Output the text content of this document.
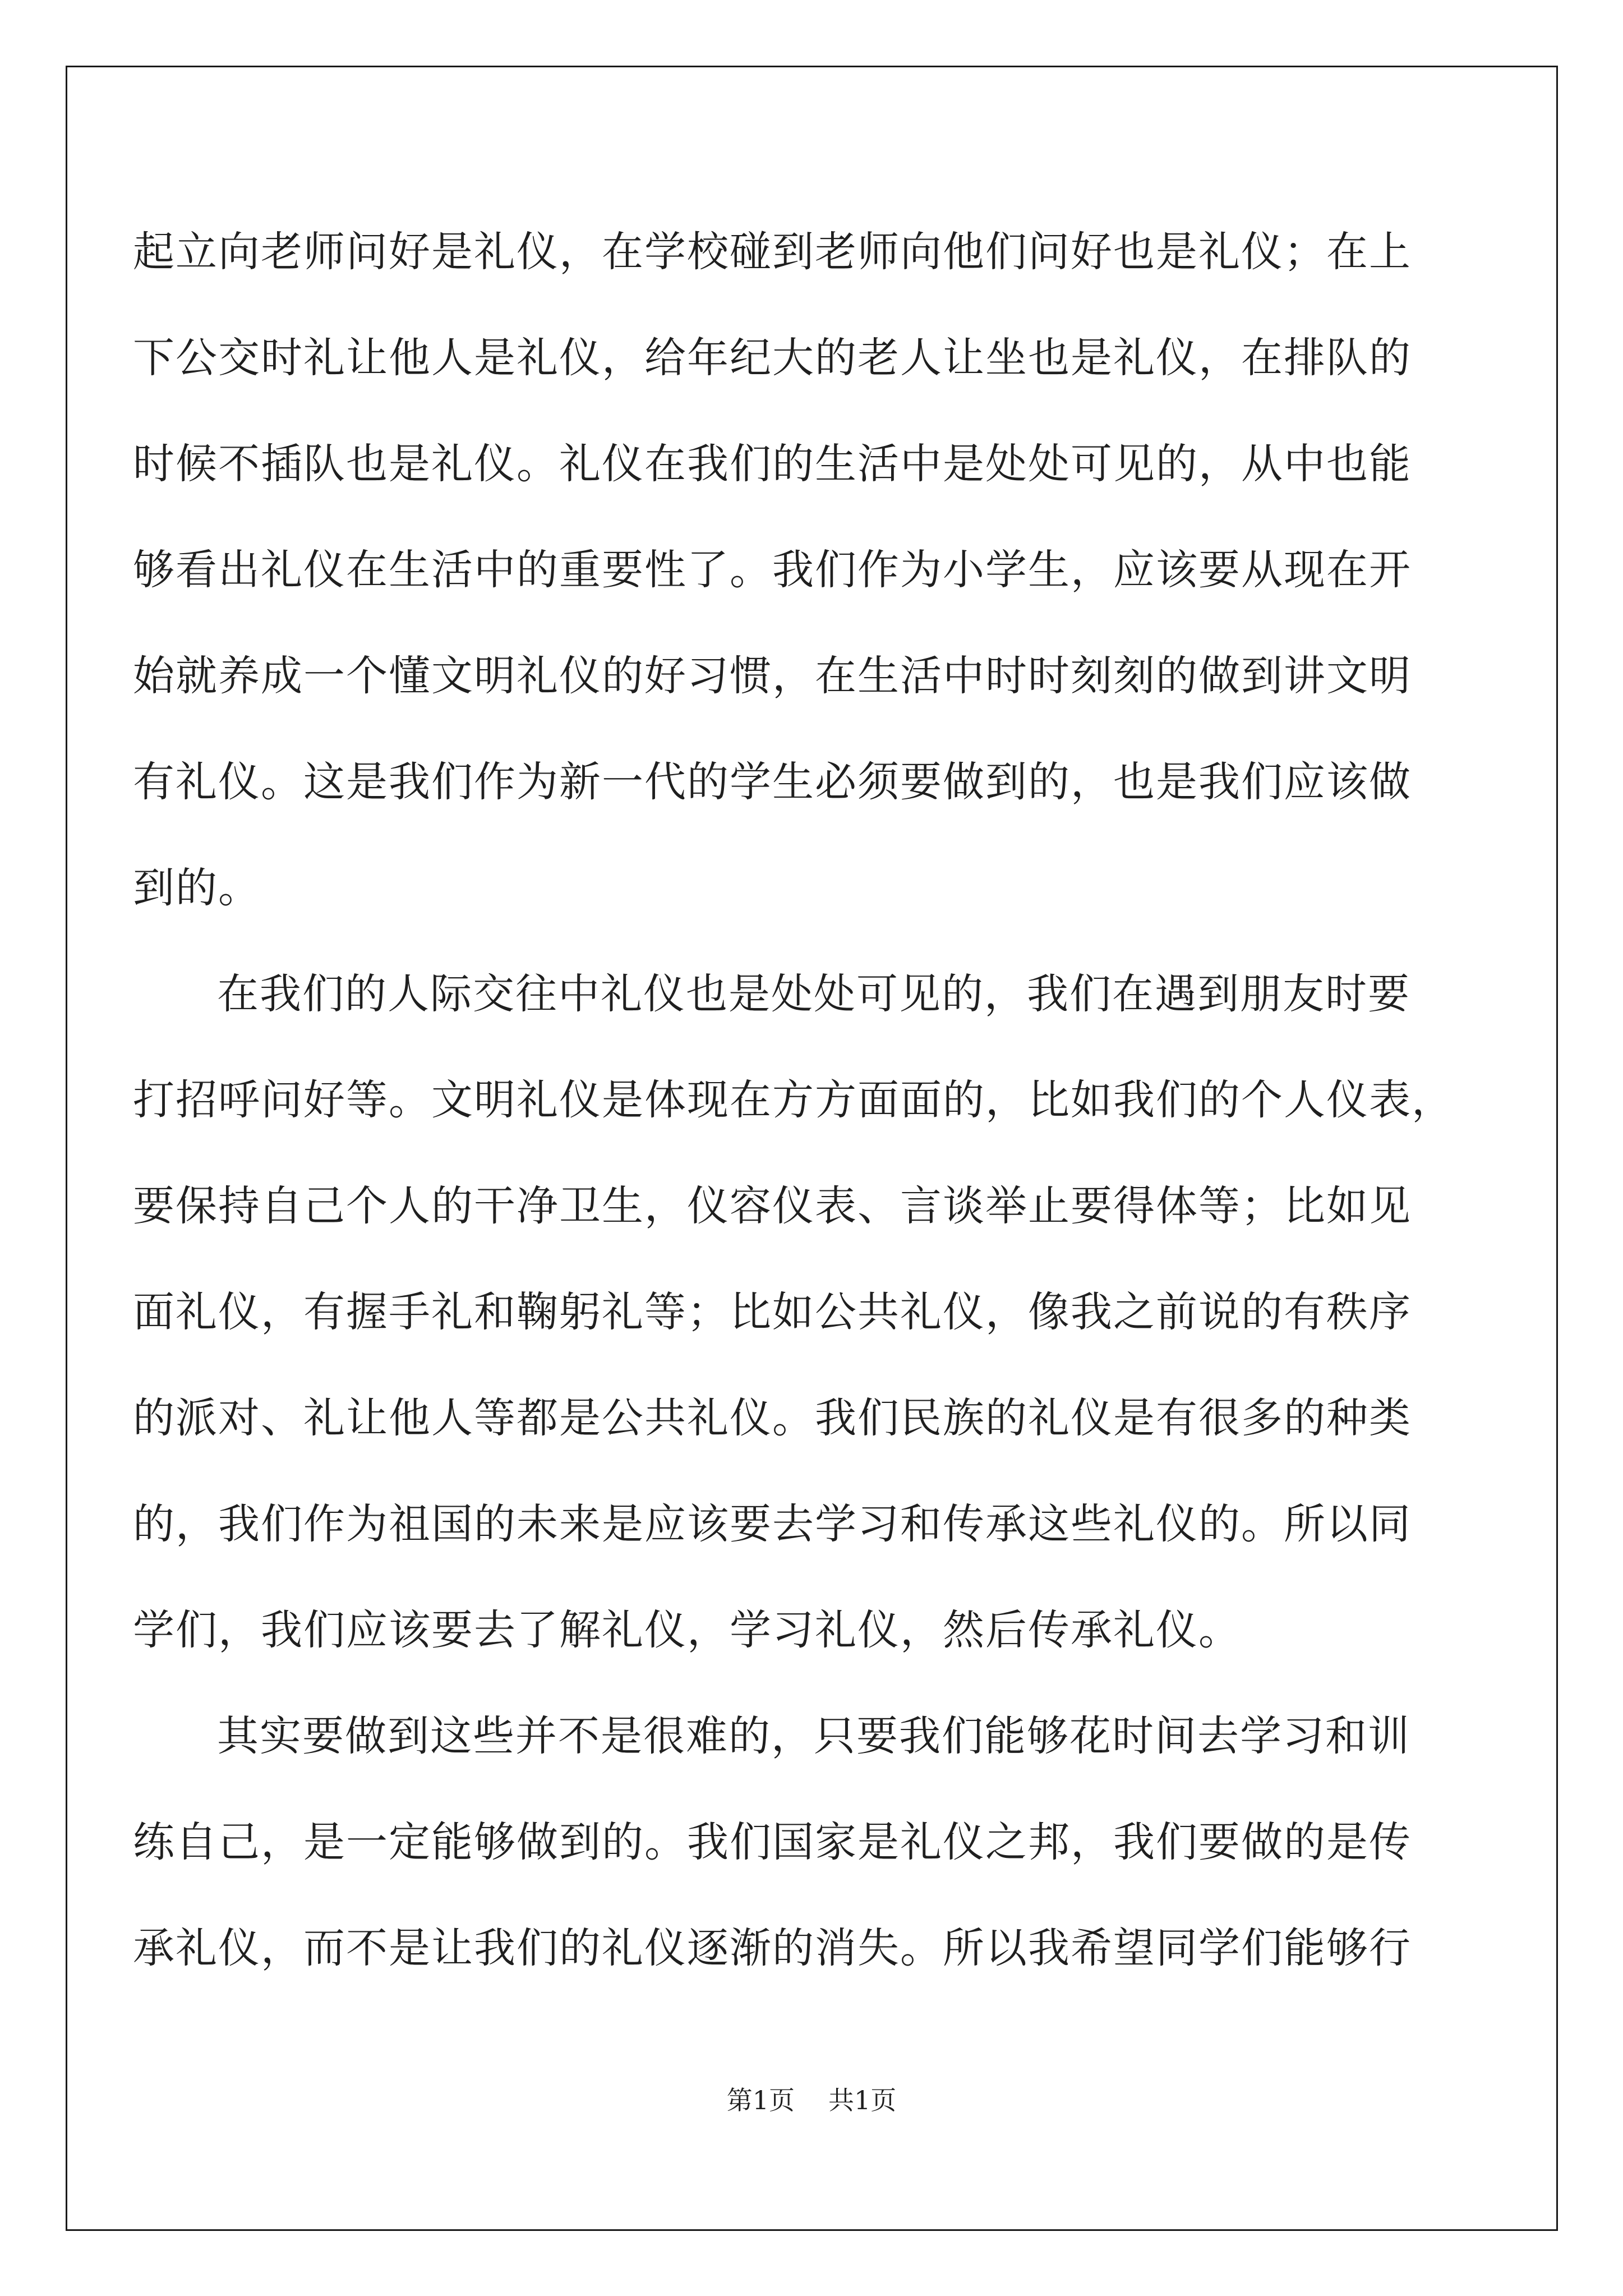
起立向老师问好是礼仪，在学校碰到老师向他们问好也是礼仪；在上
下公交时礼让他人是礼仪，给年纪大的老人让坐也是礼仪，在排队的
时候不插队也是礼仪。礼仪在我们的生活中是处处可见的，从中也能
够看出礼仪在生活中的重要性了。我们作为小学生，应该要从现在开
始就养成一个懂文明礼仪的好习惯，在生活中时时刻刻的做到讲文明
有礼仪。这是我们作为新一代的学生必须要做到的，也是我们应该做
到的。
在我们的人际交往中礼仪也是处处可见的，我们在遇到朋友时要
打招呼问好等。文明礼仪是体现在方方面面的，比如我们的个人仪表，
要保持自己个人的干净卫生，仪容仪表、言谈举止要得体等；比如见
面礼仪，有握手礼和鞠躬礼等；比如公共礼仪，像我之前说的有秩序
的派对、礼让他人等都是公共礼仪。我们民族的礼仪是有很多的种类
的，我们作为祖国的未来是应该要去学习和传承这些礼仪的。所以同
学们，我们应该要去了解礼仪，学习礼仪，然后传承礼仪。
其实要做到这些并不是很难的，只要我们能够花时间去学习和训
练自己，是一定能够做到的。我们国家是礼仪之邦，我们要做的是传
承礼仪，而不是让我们的礼仪逐渐的消失。所以我希望同学们能够行
第1页 共1页
